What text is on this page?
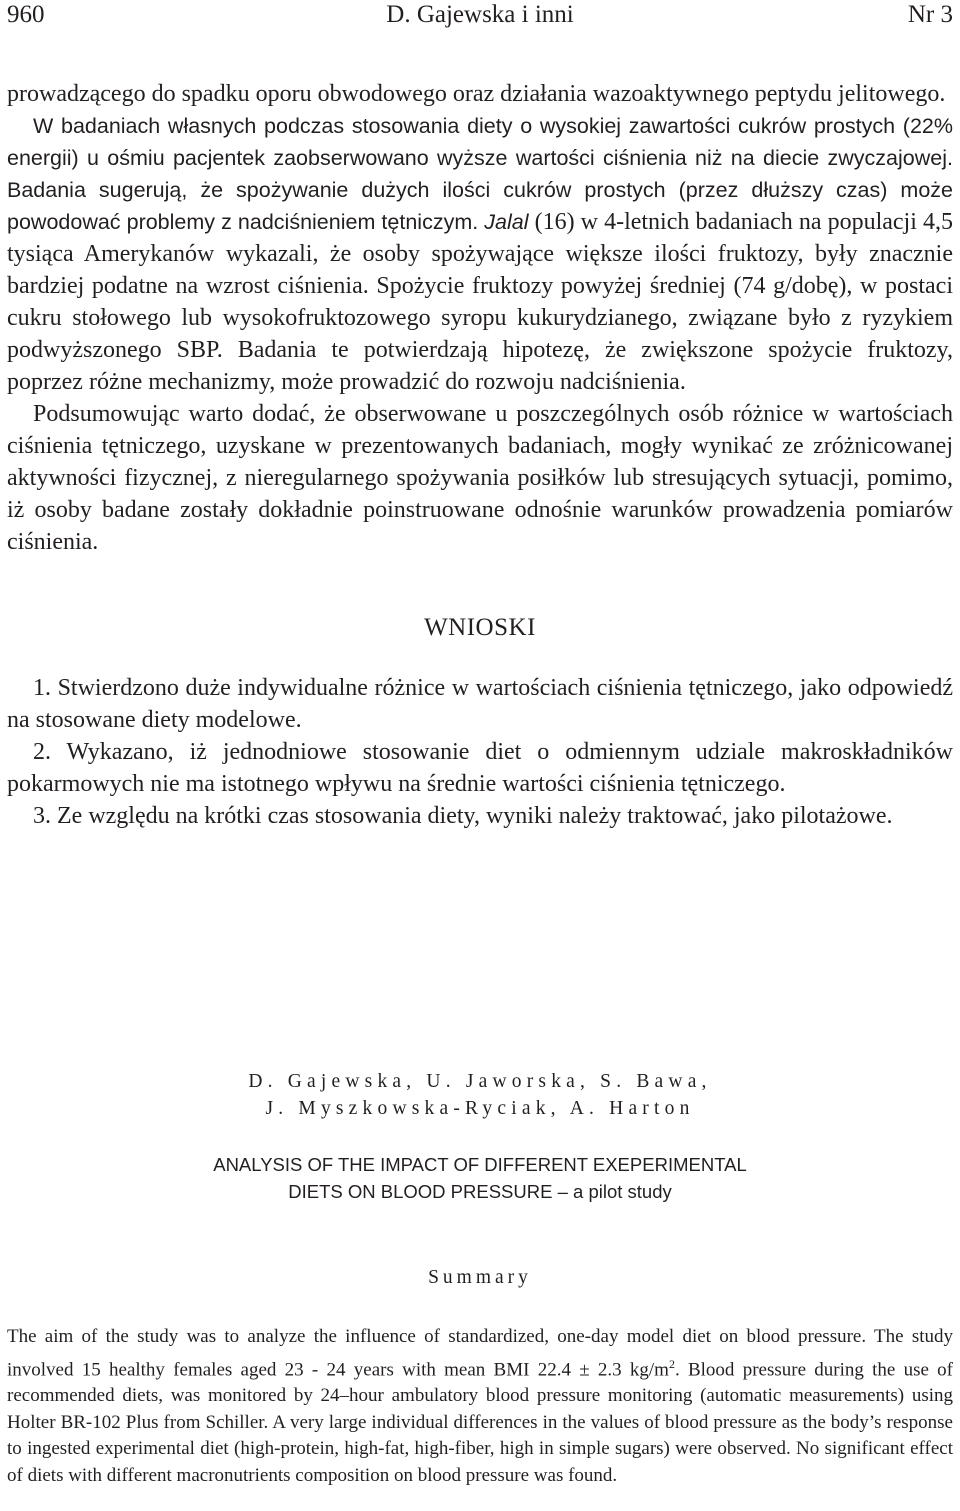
960	D. Gajewska i inni	Nr 3

prowadzącego do spadku oporu obwodowego oraz działania wazoaktywnego peptydu jelitowego.

W badaniach własnych podczas stosowania diety o wysokiej zawartości cukrów prostych (22% energii) u ośmiu pacjentek zaobserwowano wyższe wartości ciśnienia niż na diecie zwyczajowej. Badania sugerują, że spożywanie dużych ilości cukrów prostych (przez dłuższy czas) może powodować problemy z nadciśnieniem tętniczym. Jalal (16) w 4-letnich badaniach na populacji 4,5 tysiąca Amerykanów wykazali, że osoby spożywające większe ilości fruktozy, były znacznie bardziej podatne na wzrost ciśnienia. Spożycie fruktozy powyżej średniej (74 g/dobę), w postaci cukru stołowego lub wysokofruktozowego syropu kukurydzianego, związane było z ryzykiem podwyższonego SBP. Badania te potwierdzają hipotezę, że zwiększone spożycie fruktozy, poprzez różne mechanizmy, może prowadzić do rozwoju nadciśnienia.

Podsumowując warto dodać, że obserwowane u poszczególnych osób różnice w wartościach ciśnienia tętniczego, uzyskane w prezentowanych badaniach, mogły wynikać ze zróżnicowanej aktywności fizycznej, z nieregularnego spożywania posiłków lub stresujących sytuacji, pomimo, iż osoby badane zostały dokładnie poinstruowane odnośnie warunków prowadzenia pomiarów ciśnienia.

WNIOSKI

1. Stwierdzono duże indywidualne różnice w wartościach ciśnienia tętniczego, jako odpowiedź na stosowane diety modelowe.

2. Wykazano, iż jednodniowe stosowanie diet o odmiennym udziale makroskładników pokarmowych nie ma istotnego wpływu na średnie wartości ciśnienia tętniczego.

3. Ze względu na krótki czas stosowania diety, wyniki należy traktować, jako pilotażowe.

D. Gajewska, U. Jaworska, S. Bawa,
J. Myszkowska-Ryciak, A. Harton
ANALYSIS OF THE IMPACT OF DIFFERENT EXEPERIMENTAL
DIETS ON BLOOD PRESSURE – a pilot study
Summary

The aim of the study was to analyze the influence of standardized, one-day model diet on blood pressure. The study involved 15 healthy females aged 23 - 24 years with mean BMI 22.4 ± 2.3 $kg/m^2$. Blood pressure during the use of recommended diets, was monitored by 24–hour ambulatory blood pressure monitoring (automatic measurements) using Holter BR-102 Plus from Schiller. A very large individual differences in the values of blood pressure as the body’s response to ingested experimental diet (high-protein, high-fat, high-fiber, high in simple sugars) were observed. No significant effect of diets with different macronutrients composition on blood pressure was found.
